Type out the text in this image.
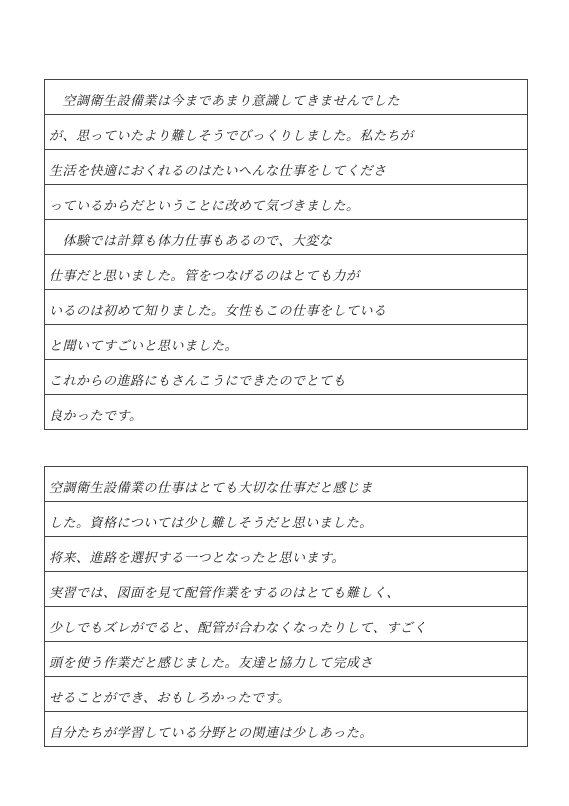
　空調衛生設備業は今まであまり意識してきませんでした
が、思っていたより難しそうでびっくりしました。私たちが
生活を快適におくれるのはたいへんな仕事をしてくださ
っているからだということに改めて気づきました。
　体験では計算も体力仕事もあるので、大変な
仕事だと思いました。管をつなげるのはとても力が
いるのは初めて知りました。女性もこの仕事をしている
と聞いてすごいと思いました。
これからの進路にもさんこうにできたのでとても
良かったです。
空調衛生設備業の仕事はとても大切な仕事だと感じま
した。資格については少し難しそうだと思いました。
将来、進路を選択する一つとなったと思います。
実習では、図面を見て配管作業をするのはとても難しく、
少しでもズレがでると、配管が合わなくなったりして、すごく
頭を使う作業だと感じました。友達と協力して完成さ
せることができ、おもしろかったです。
自分たちが学習している分野との関連は少しあった。
